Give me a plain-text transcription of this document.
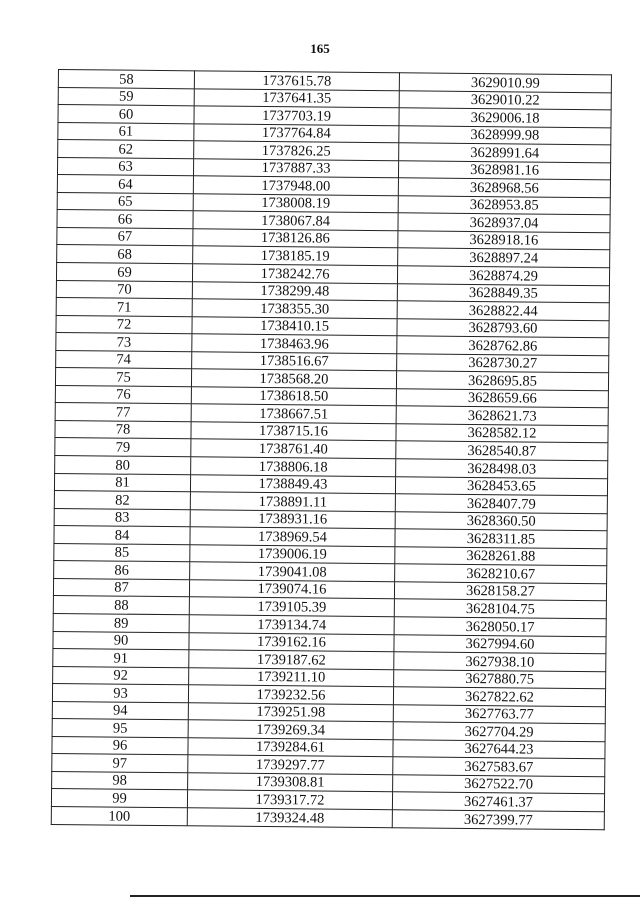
165
58	1737615.78	3629010.99
59	1737641.35	3629010.22
60	1737703.19	3629006.18
61	1737764.84	3628999.98
62	1737826.25	3628991.64
63	1737887.33	3628981.16
64	1737948.00	3628968.56
65	1738008.19	3628953.85
66	1738067.84	3628937.04
67	1738126.86	3628918.16
68	1738185.19	3628897.24
69	1738242.76	3628874.29
70	1738299.48	3628849.35
71	1738355.30	3628822.44
72	1738410.15	3628793.60
73	1738463.96	3628762.86
74	1738516.67	3628730.27
75	1738568.20	3628695.85
76	1738618.50	3628659.66
77	1738667.51	3628621.73
78	1738715.16	3628582.12
79	1738761.40	3628540.87
80	1738806.18	3628498.03
81	1738849.43	3628453.65
82	1738891.11	3628407.79
83	1738931.16	3628360.50
84	1738969.54	3628311.85
85	1739006.19	3628261.88
86	1739041.08	3628210.67
87	1739074.16	3628158.27
88	1739105.39	3628104.75
89	1739134.74	3628050.17
90	1739162.16	3627994.60
91	1739187.62	3627938.10
92	1739211.10	3627880.75
93	1739232.56	3627822.62
94	1739251.98	3627763.77
95	1739269.34	3627704.29
96	1739284.61	3627644.23
97	1739297.77	3627583.67
98	1739308.81	3627522.70
99	1739317.72	3627461.37
100	1739324.48	3627399.77
